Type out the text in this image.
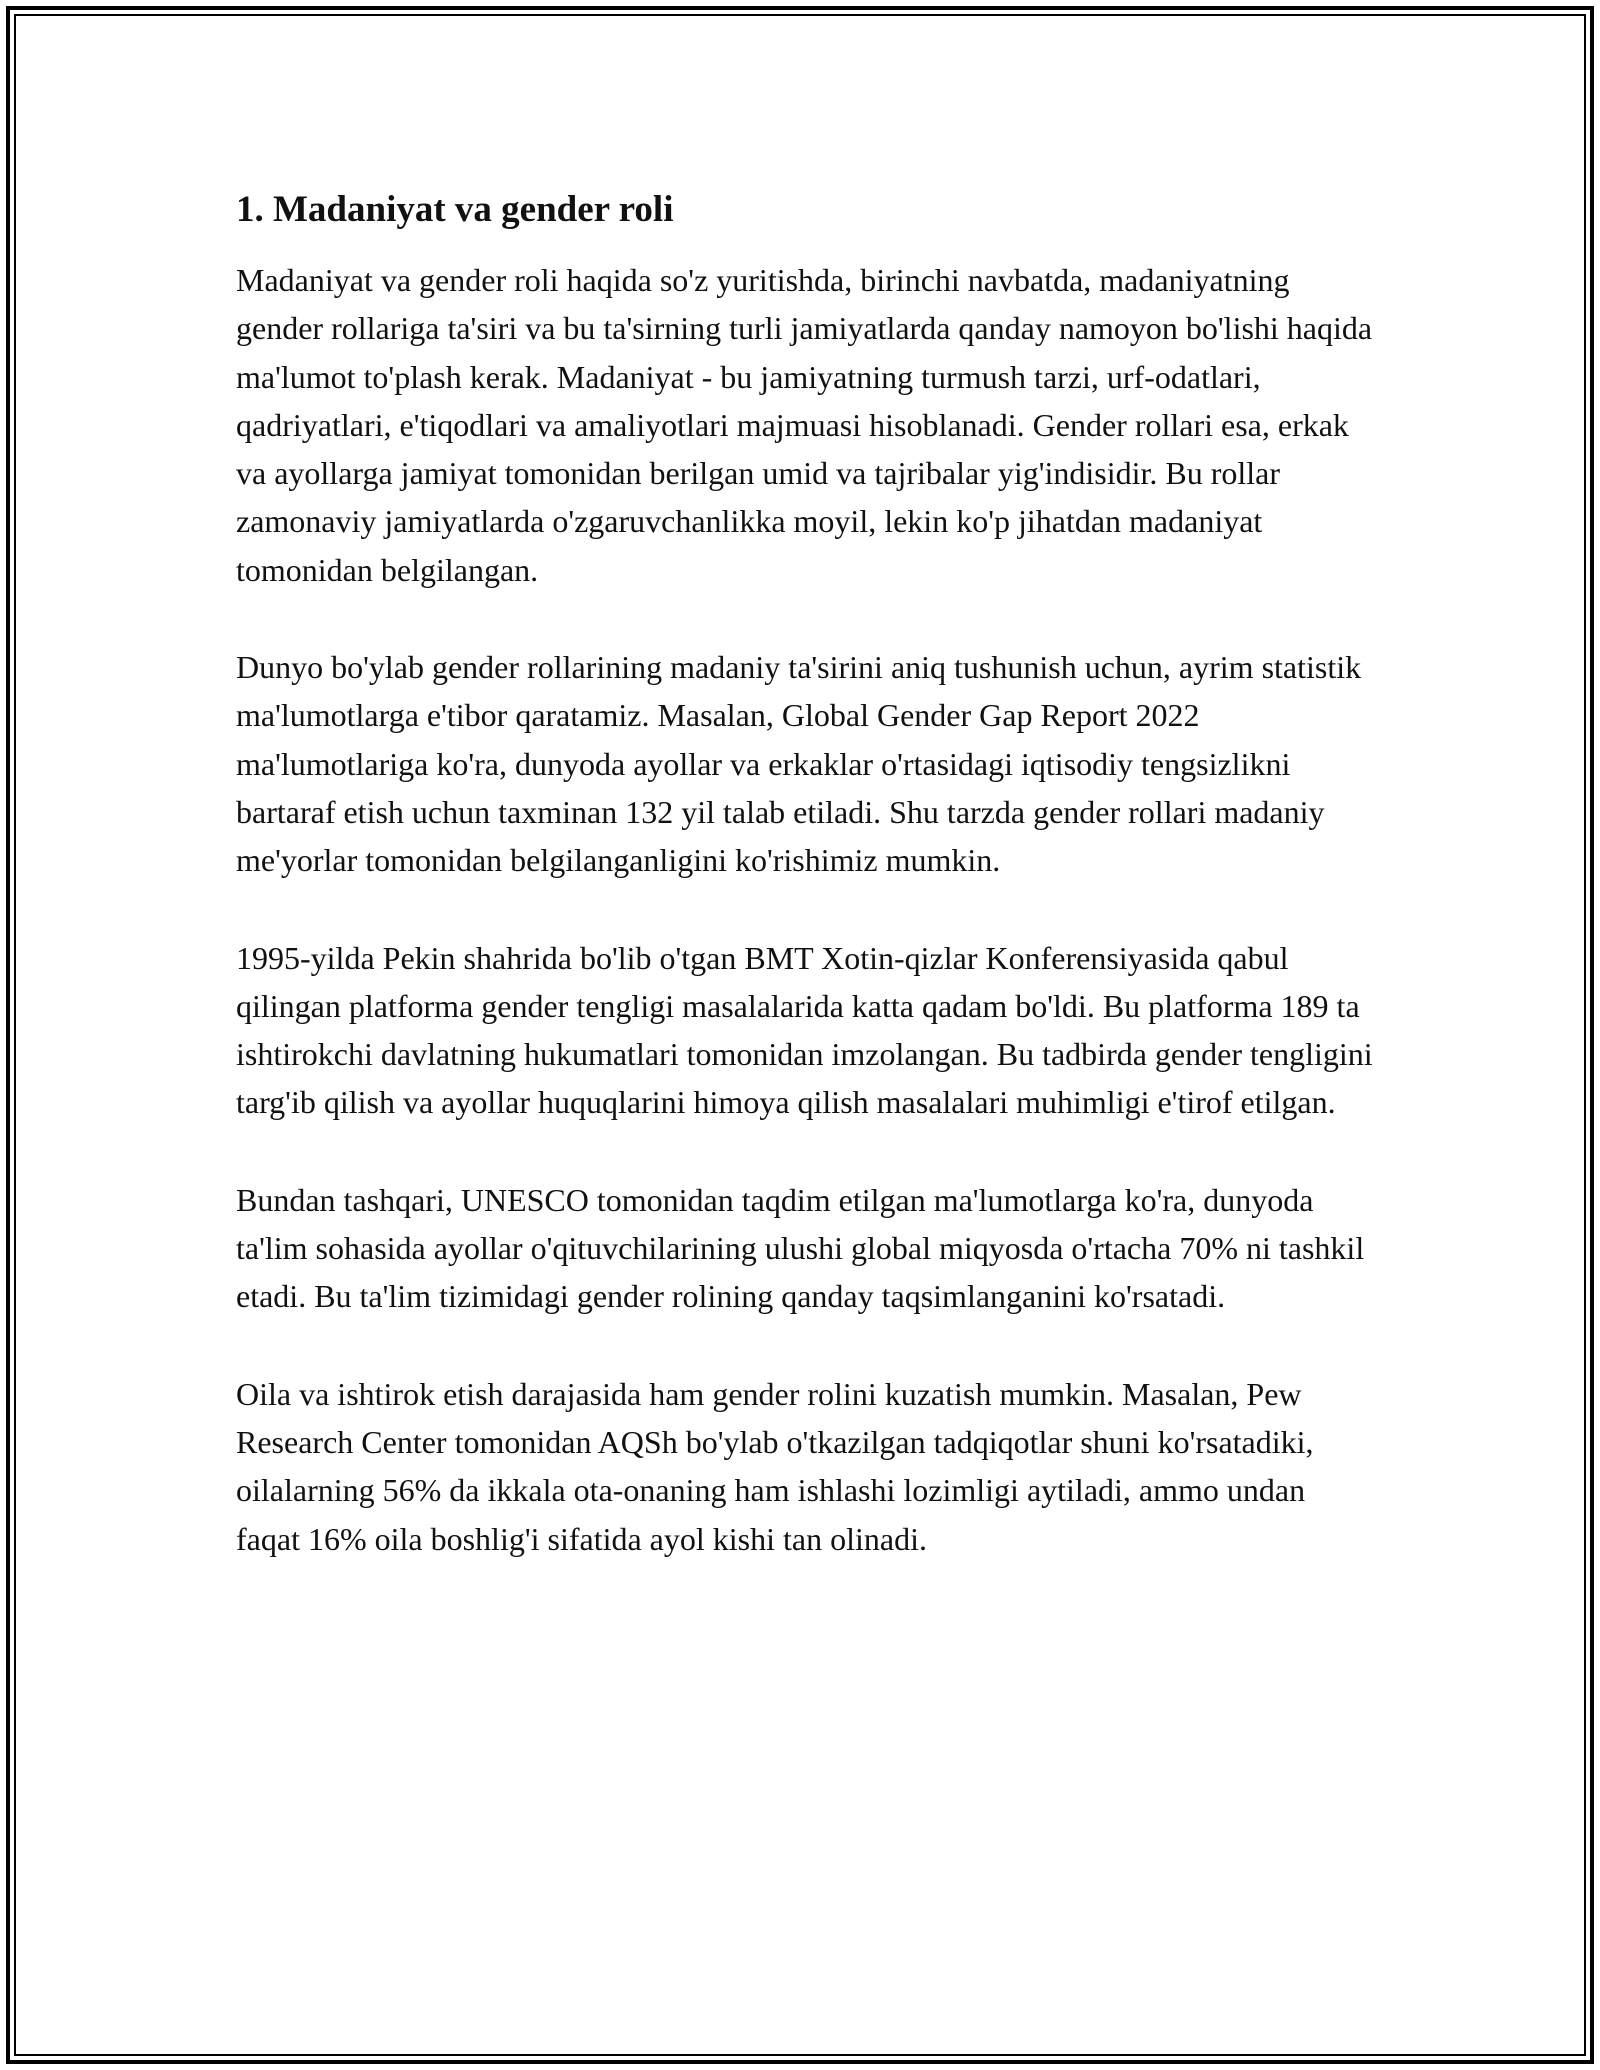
1. Madaniyat va gender roli

Madaniyat va gender roli haqida so'z yuritishda, birinchi navbatda, madaniyatning gender rollariga ta'siri va bu ta'sirning turli jamiyatlarda qanday namoyon bo'lishi haqida ma'lumot to'plash kerak. Madaniyat - bu jamiyatning turmush tarzi, urf-odatlari, qadriyatlari, e'tiqodlari va amaliyotlari majmuasi hisoblanadi. Gender rollari esa, erkak va ayollarga jamiyat tomonidan berilgan umid va tajribalar yig'indisidir. Bu rollar zamonaviy jamiyatlarda o'zgaruvchanlikka moyil, lekin ko'p jihatdan madaniyat tomonidan belgilangan.

Dunyo bo'ylab gender rollarining madaniy ta'sirini aniq tushunish uchun, ayrim statistik ma'lumotlarga e'tibor qaratamiz. Masalan, Global Gender Gap Report 2022 ma'lumotlariga ko'ra, dunyoda ayollar va erkaklar o'rtasidagi iqtisodiy tengsizlikni bartaraf etish uchun taxminan 132 yil talab etiladi. Shu tarzda gender rollari madaniy me'yorlar tomonidan belgilanganligini ko'rishimiz mumkin.

1995-yilda Pekin shahrida bo'lib o'tgan BMT Xotin-qizlar Konferensiyasida qabul qilingan platforma gender tengligi masalalarida katta qadam bo'ldi. Bu platforma 189 ta ishtirokchi davlatning hukumatlari tomonidan imzolangan. Bu tadbirda gender tengligini targ'ib qilish va ayollar huquqlarini himoya qilish masalalari muhimligi e'tirof etilgan.

Bundan tashqari, UNESCO tomonidan taqdim etilgan ma'lumotlarga ko'ra, dunyoda ta'lim sohasida ayollar o'qituvchilarining ulushi global miqyosda o'rtacha 70% ni tashkil etadi. Bu ta'lim tizimidagi gender rolining qanday taqsimlanganini ko'rsatadi.

Oila va ishtirok etish darajasida ham gender rolini kuzatish mumkin. Masalan, Pew Research Center tomonidan AQSh bo'ylab o'tkazilgan tadqiqotlar shuni ko'rsatadiki, oilalarning 56% da ikkala ota-onaning ham ishlashi lozimligi aytiladi, ammo undan faqat 16% oila boshlig'i sifatida ayol kishi tan olinadi.
